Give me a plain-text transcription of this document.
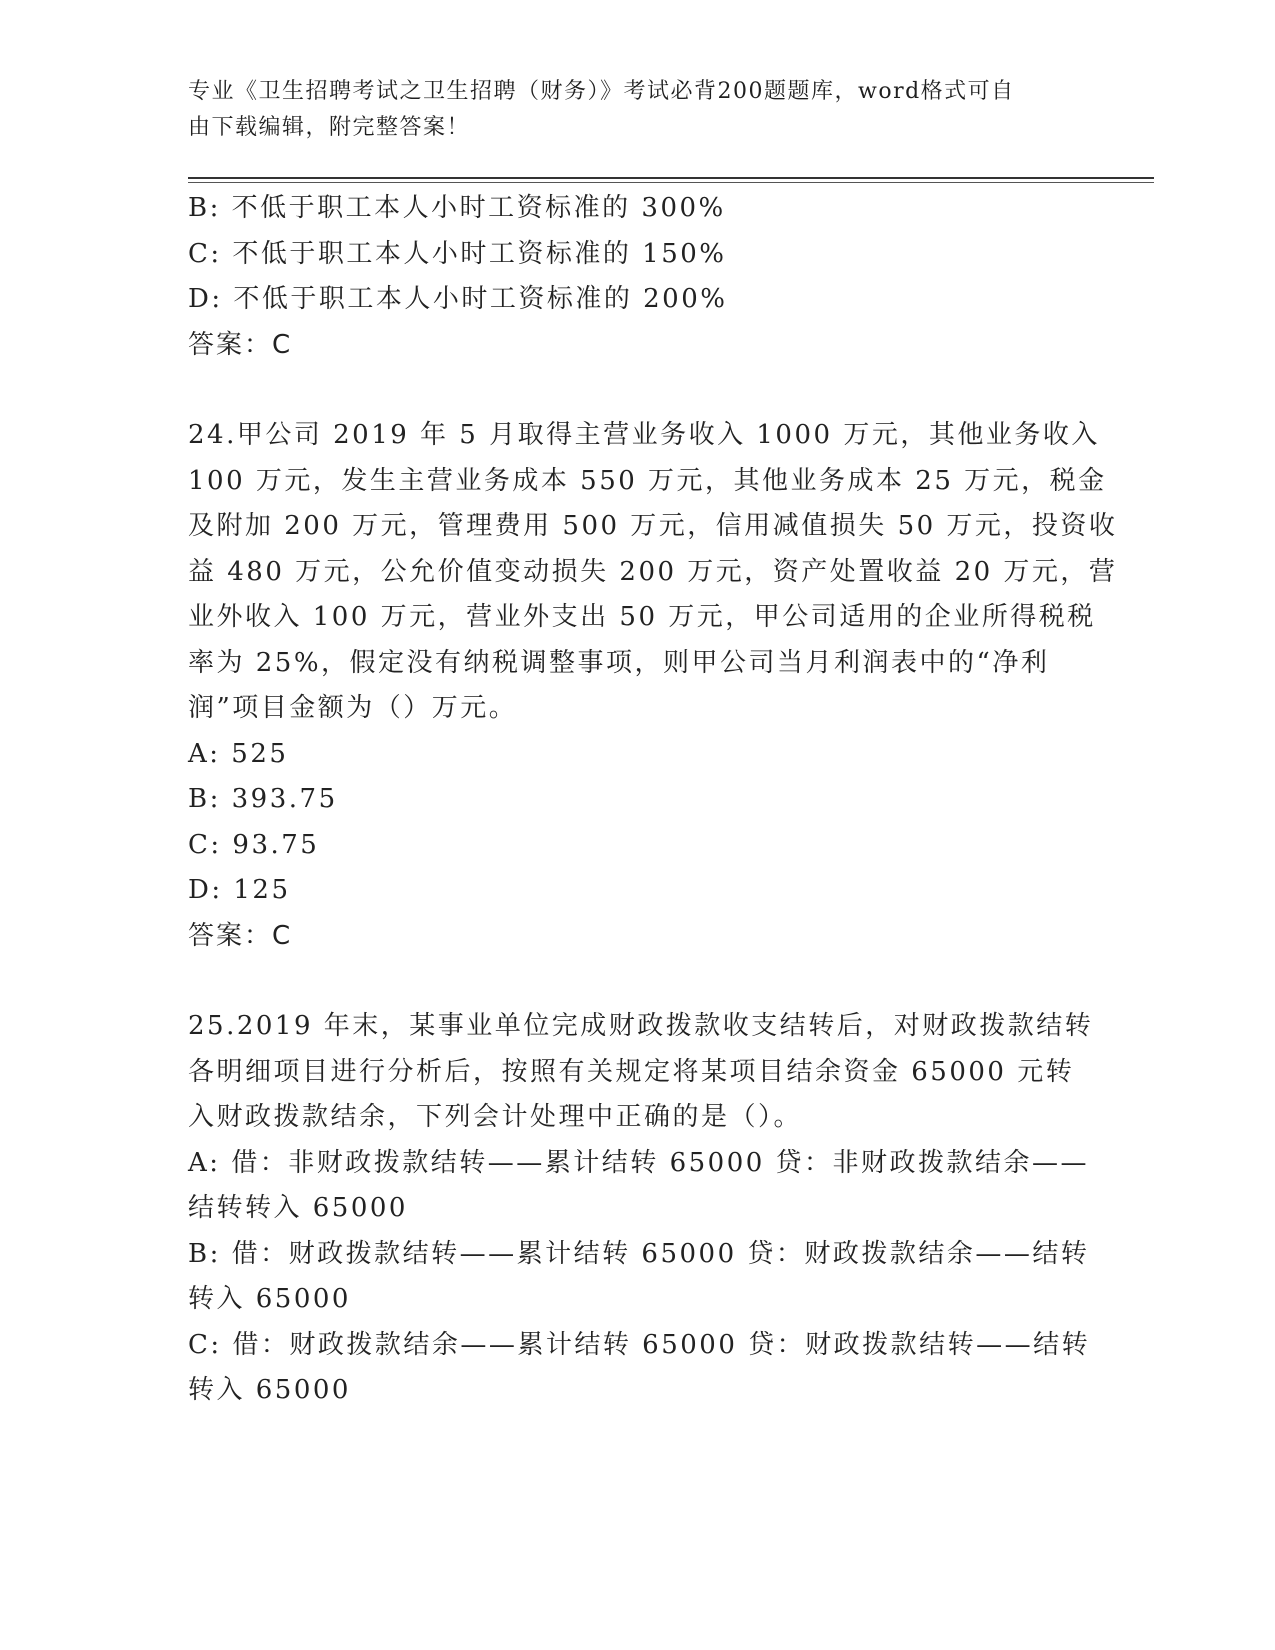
专业《卫生招聘考试之卫生招聘（财务）》考试必背200题题库，word格式可自
由下载编辑，附完整答案！
B: 不低于职工本人小时工资标准的 300%
C: 不低于职工本人小时工资标准的 150%
D: 不低于职工本人小时工资标准的 200%
答案：C
24.甲公司 2019 年 5 月取得主营业务收入 1000 万元，其他业务收入
100 万元，发生主营业务成本 550 万元，其他业务成本 25 万元，税金
及附加 200 万元，管理费用 500 万元，信用减值损失 50 万元，投资收
益 480 万元，公允价值变动损失 200 万元，资产处置收益 20 万元，营
业外收入 100 万元，营业外支出 50 万元，甲公司适用的企业所得税税
率为 25%，假定没有纳税调整事项，则甲公司当月利润表中的“净利
润”项目金额为（）万元。
A: 525
B: 393.75
C: 93.75
D: 125
答案：C
25.2019 年末，某事业单位完成财政拨款收支结转后，对财政拨款结转
各明细项目进行分析后，按照有关规定将某项目结余资金 65000 元转
入财政拨款结余，下列会计处理中正确的是（）。
A: 借：非财政拨款结转——累计结转 65000 贷：非财政拨款结余——
结转转入 65000
B: 借：财政拨款结转——累计结转 65000 贷：财政拨款结余——结转
转入 65000
C: 借：财政拨款结余——累计结转 65000 贷：财政拨款结转——结转
转入 65000
